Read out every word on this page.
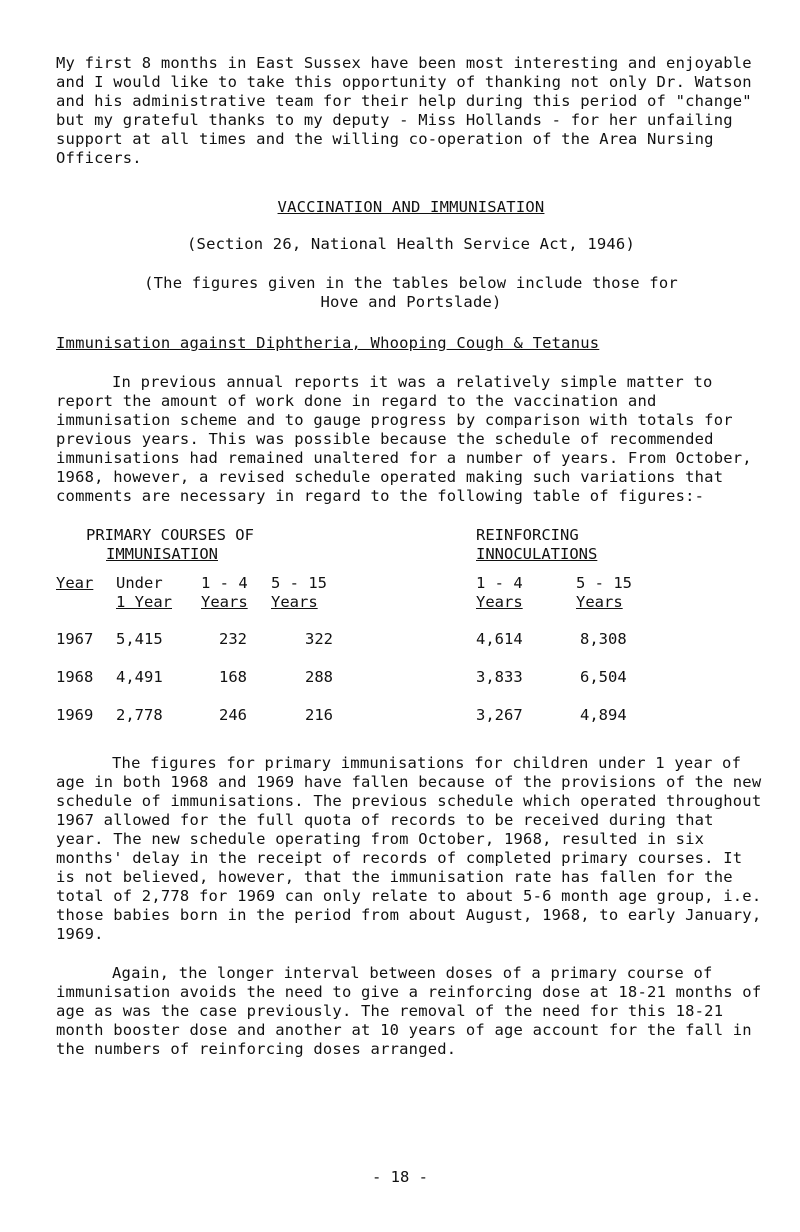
My first 8 months in East Sussex have been most interesting and enjoyable and I would like to take this opportunity of thanking not only Dr. Watson and his administrative team for their help during this period of "change" but my grateful thanks to my deputy - Miss Hollands - for her unfailing support at all times and the willing co-operation of the Area Nursing Officers.

VACCINATION AND IMMUNISATION

(Section 26, National Health Service Act, 1946)

(The figures given in the tables below include those for

Hove and Portslade)

Immunisation against Diphtheria, Whooping Cough & Tetanus

In previous annual reports it was a relatively simple matter to report the amount of work done in regard to the vaccination and immunisation scheme and to gauge progress by comparison with totals for previous years. This was possible because the schedule of recommended immunisations had remained unaltered for a number of years. From October, 1968, however, a revised schedule operated making such variations that comments are necessary in regard to the following table of figures:-

PRIMARY COURSES OF					REINFORCING	
IMMUNISATION					INNOCULATIONS	

Year	Under	1 - 4	5 - 15		1 - 4	5 - 15
	1 Year	Years	Years		Years	Years

1967	5,415	232	322		4,614	8,308
1968	4,491	168	288		3,833	6,504
1969	2,778	246	216		3,267	4,894

The figures for primary immunisations for children under 1 year of age in both 1968 and 1969 have fallen because of the provisions of the new schedule of immunisations. The previous schedule which operated throughout 1967 allowed for the full quota of records to be received during that year. The new schedule operating from October, 1968, resulted in six months' delay in the receipt of records of completed primary courses. It is not believed, however, that the immunisation rate has fallen for the total of 2,778 for 1969 can only relate to about 5-6 month age group, i.e. those babies born in the period from about August, 1968, to early January, 1969.

Again, the longer interval between doses of a primary course of immunisation avoids the need to give a reinforcing dose at 18-21 months of age as was the case previously. The removal of the need for this 18-21 month booster dose and another at 10 years of age account for the fall in the numbers of reinforcing doses arranged.

- 18 -
